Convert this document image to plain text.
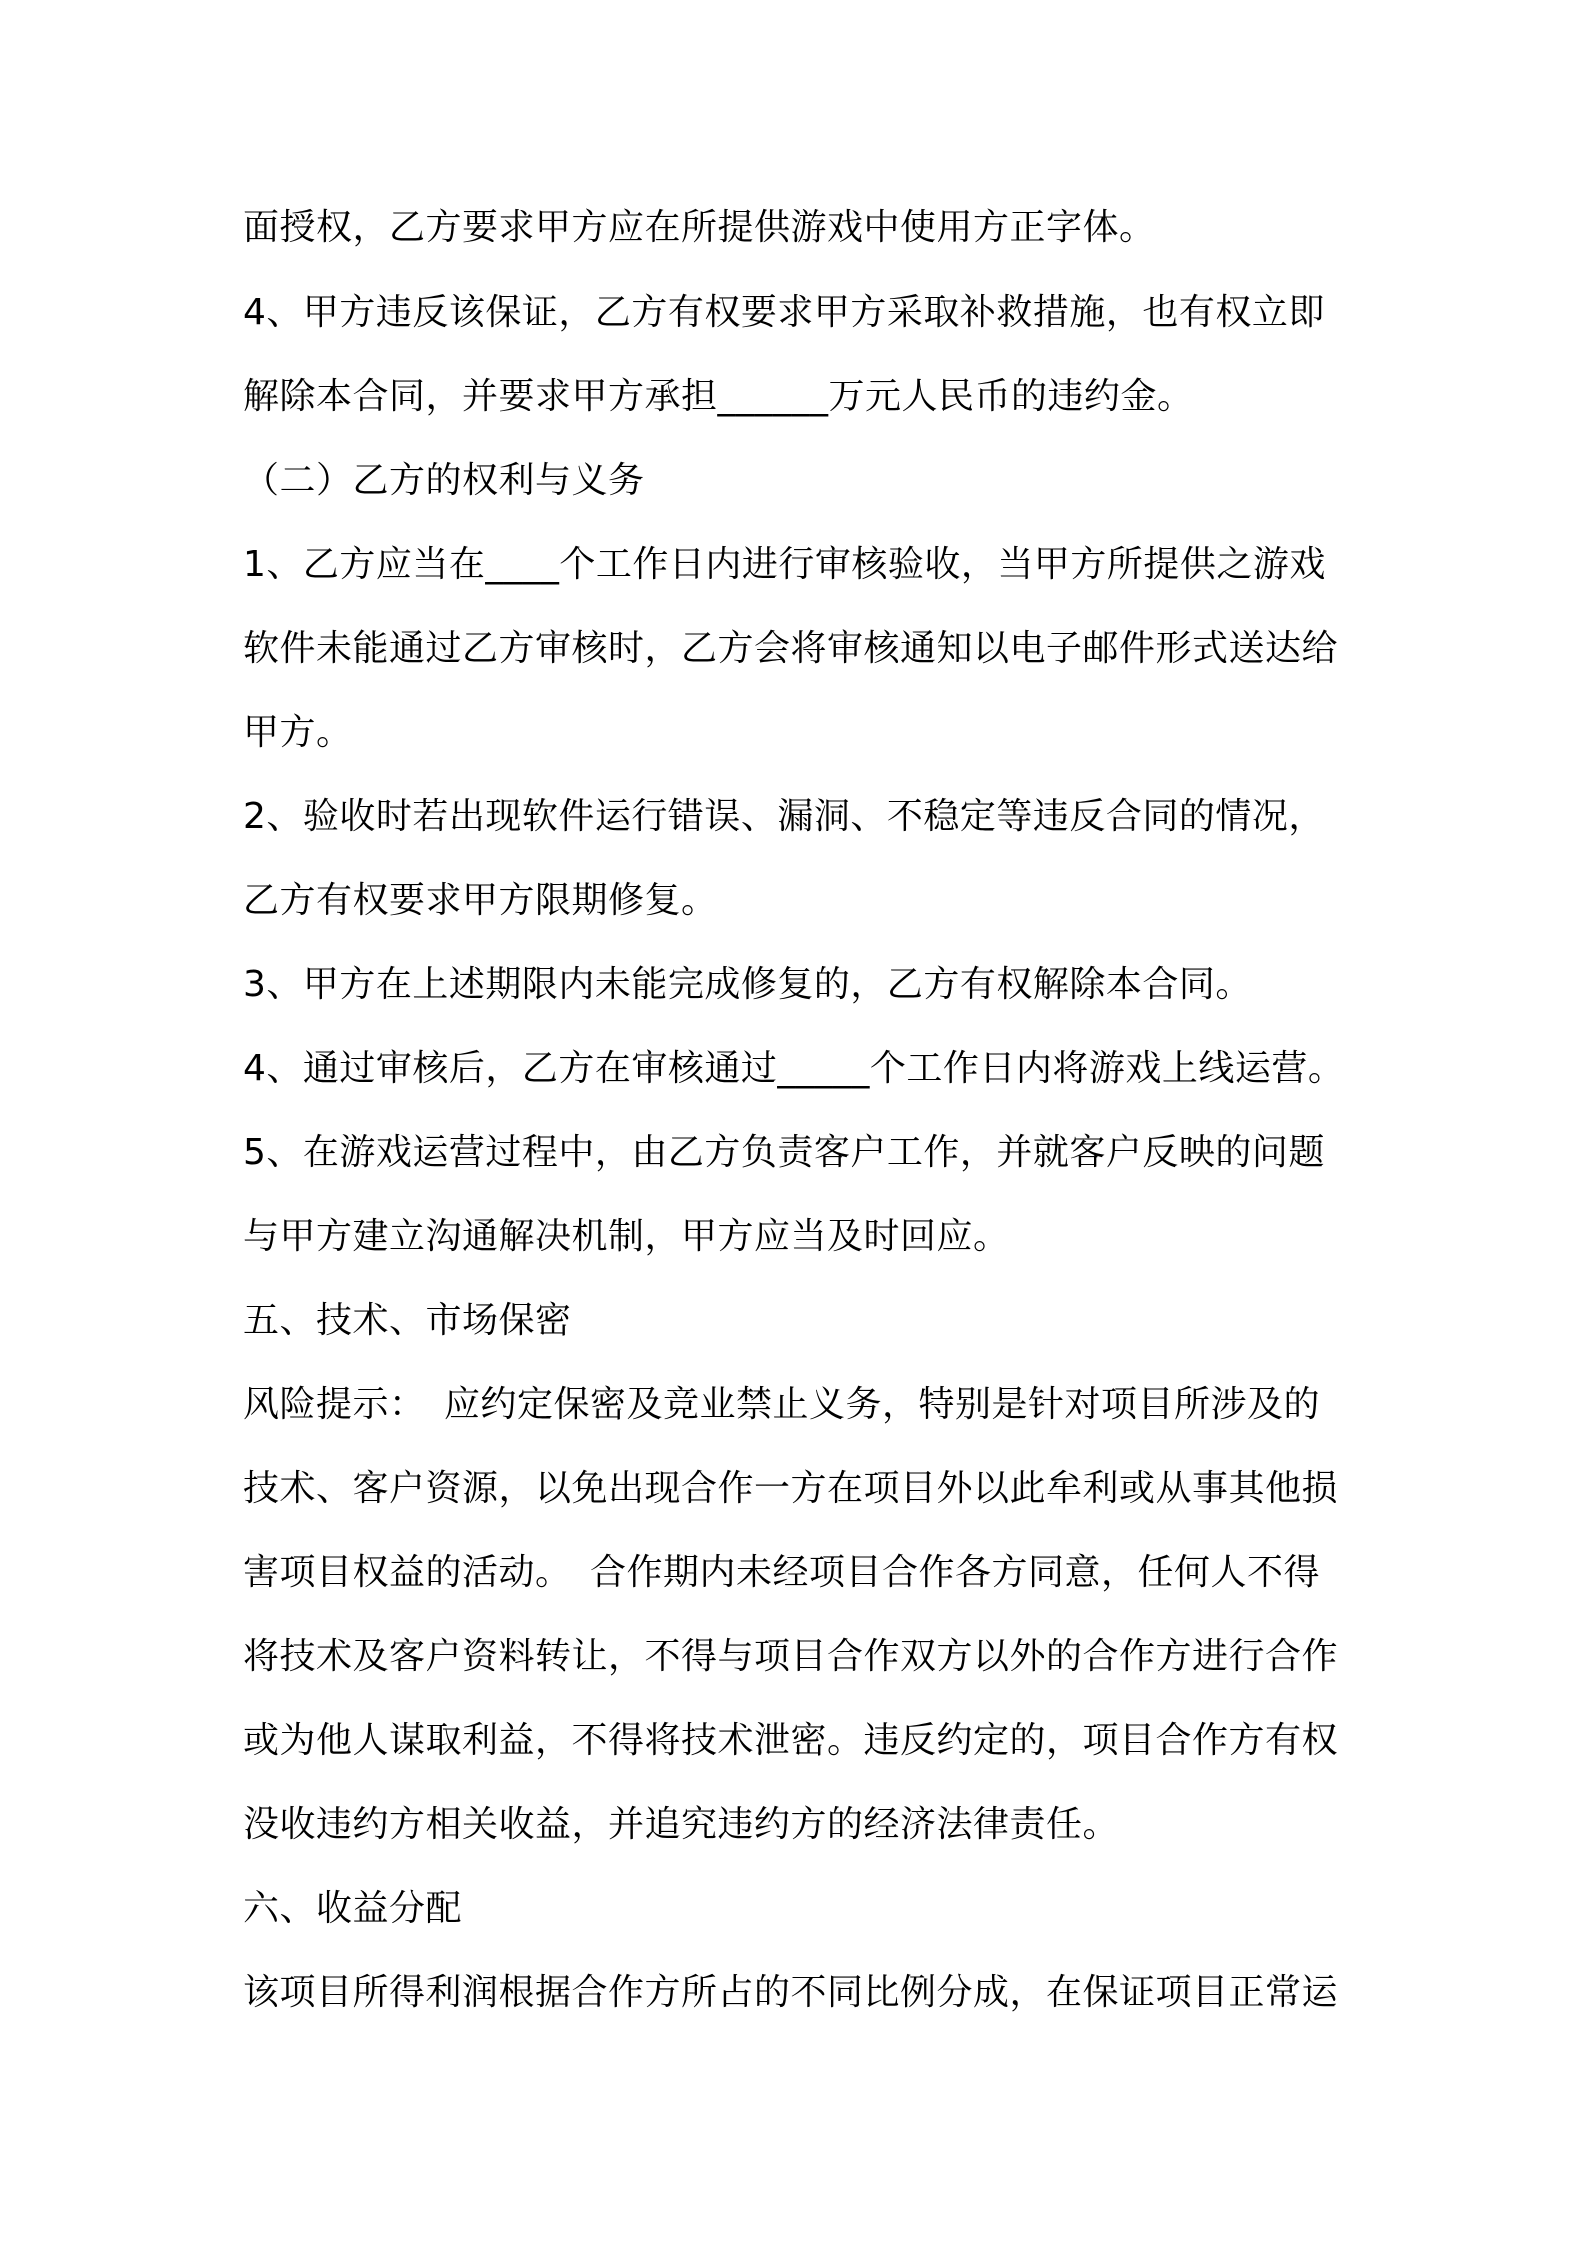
面授权，乙方要求甲方应在所提供游戏中使用方正字体。
4、甲方违反该保证，乙方有权要求甲方采取补救措施，也有权立即
解除本合同，并要求甲方承担______万元人民币的违约金。
（二）乙方的权利与义务
1、乙方应当在____个工作日内进行审核验收，当甲方所提供之游戏
软件未能通过乙方审核时，乙方会将审核通知以电子邮件形式送达给
甲方。
2、验收时若出现软件运行错误、漏洞、不稳定等违反合同的情况，
乙方有权要求甲方限期修复。
3、甲方在上述期限内未能完成修复的，乙方有权解除本合同。
4、通过审核后，乙方在审核通过_____个工作日内将游戏上线运营。
5、在游戏运营过程中，由乙方负责客户工作，并就客户反映的问题
与甲方建立沟通解决机制，甲方应当及时回应。
五、技术、市场保密
风险提示：　应约定保密及竞业禁止义务，特别是针对项目所涉及的
技术、客户资源，以免出现合作一方在项目外以此牟利或从事其他损
害项目权益的活动。　合作期内未经项目合作各方同意，任何人不得
将技术及客户资料转让，不得与项目合作双方以外的合作方进行合作
或为他人谋取利益，不得将技术泄密。违反约定的，项目合作方有权
没收违约方相关收益，并追究违约方的经济法律责任。
六、收益分配
该项目所得利润根据合作方所占的不同比例分成，在保证项目正常运
